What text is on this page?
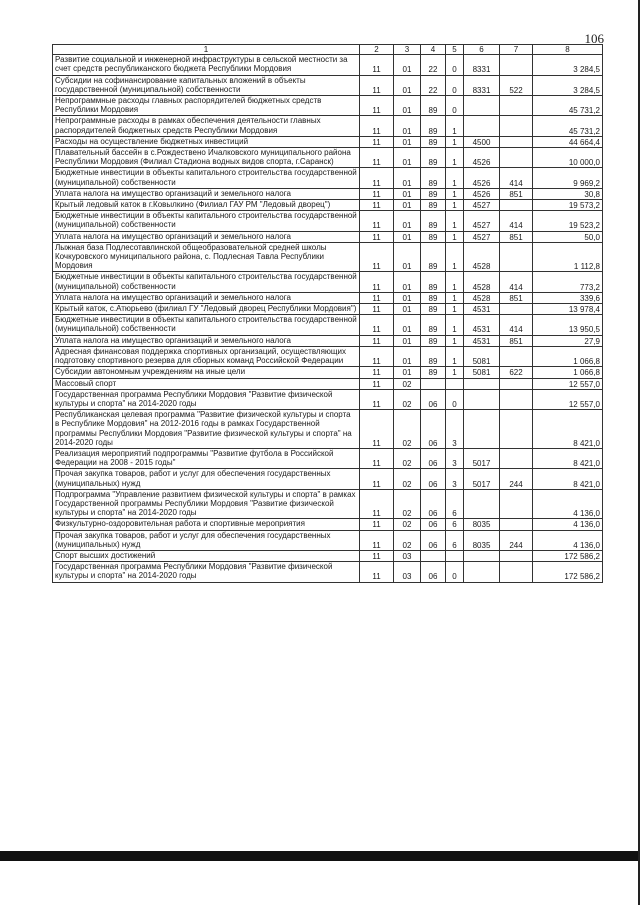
106
1	2	3	4	5	6	7	8
Развитие социальной и инженерной инфраструктуры в сельской местности за счет средств республиканского бюджета Республики Мордовия	11	01	22	0	8331		3 284,5
Субсидии на софинансирование капитальных вложений в объекты государственной (муниципальной) собственности	11	01	22	0	8331	522	3 284,5
Непрограммные расходы главных распорядителей бюджетных средств Республики Мордовия	11	01	89	0			45 731,2
Непрограммные расходы в рамках обеспечения деятельности главных распорядителей бюджетных средств Республики Мордовия	11	01	89	1			45 731,2
Расходы на осуществление бюджетных инвестиций	11	01	89	1	4500		44 664,4
Плавательный бассейн в с.Рождествено Ичалковского муниципального района Республики Мордовия (Филиал Стадиона водных видов спорта, г.Саранск)	11	01	89	1	4526		10 000,0
Бюджетные инвестиции в объекты капитального строительства государственной (муниципальной) собственности	11	01	89	1	4526	414	9 969,2
Уплата налога на имущество организаций и земельного налога	11	01	89	1	4526	851	30,8
Крытый ледовый каток в г.Ковылкино (Филиал ГАУ РМ "Ледовый дворец")	11	01	89	1	4527		19 573,2
Бюджетные инвестиции в объекты капитального строительства государственной (муниципальной) собственности	11	01	89	1	4527	414	19 523,2
Уплата налога на имущество организаций и земельного налога	11	01	89	1	4527	851	50,0
Лыжная база Подлесотавлинской общеобразовательной средней школы Кочкуровского муниципального района, с. Подлесная Тавла Республики Мордовия	11	01	89	1	4528		1 112,8
Бюджетные инвестиции в объекты капитального строительства государственной (муниципальной) собственности	11	01	89	1	4528	414	773,2
Уплата налога на имущество организаций и земельного налога	11	01	89	1	4528	851	339,6
Крытый каток, с.Атюрьево (филиал ГУ "Ледовый дворец Республики Мордовия")	11	01	89	1	4531		13 978,4
Бюджетные инвестиции в объекты капитального строительства государственной (муниципальной) собственности	11	01	89	1	4531	414	13 950,5
Уплата налога на имущество организаций и земельного налога	11	01	89	1	4531	851	27,9
Адресная финансовая поддержка спортивных организаций, осуществляющих подготовку спортивного резерва для сборных команд Российской Федерации	11	01	89	1	5081		1 066,8
Субсидии автономным учреждениям на иные цели	11	01	89	1	5081	622	1 066,8
Массовый спорт	11	02					12 557,0
Государственная программа Республики Мордовия "Развитие физической культуры и спорта" на 2014-2020 годы	11	02	06	0			12 557,0
Республиканская целевая программа "Развитие физической культуры и спорта в Республике Мордовия" на 2012-2016 годы в рамках Государственной программы Республики Мордовия "Развитие физической культуры и спорта" на 2014-2020 годы	11	02	06	3			8 421,0
Реализация мероприятий подпрограммы "Развитие футбола в Российской Федерации на 2008 - 2015 годы"	11	02	06	3	5017		8 421,0
Прочая закупка товаров, работ и услуг для обеспечения государственных (муниципальных) нужд	11	02	06	3	5017	244	8 421,0
Подпрограмма "Управление развитием физической культуры и спорта" в рамках Государственной программы Республики Мордовия "Развитие физической культуры и спорта" на 2014-2020 годы	11	02	06	6			4 136,0
Физкультурно-оздоровительная работа и спортивные мероприятия	11	02	06	6	8035		4 136,0
Прочая закупка товаров, работ и услуг для обеспечения государственных (муниципальных) нужд	11	02	06	6	8035	244	4 136,0
Спорт высших достижений	11	03					172 586,2
Государственная программа Республики Мордовия "Развитие физической культуры и спорта" на 2014-2020 годы	11	03	06	0			172 586,2
